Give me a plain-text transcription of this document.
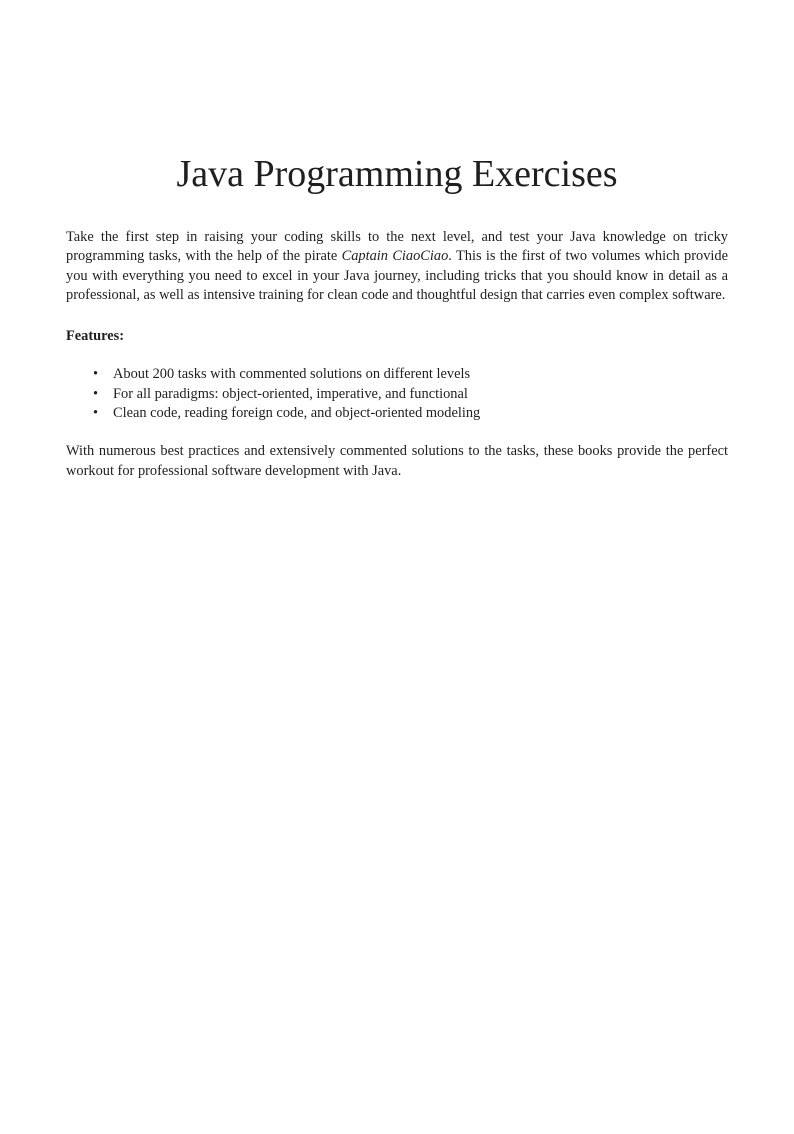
Java Programming Exercises

Take the first step in raising your coding skills to the next level, and test your Java knowledge on tricky programming tasks, with the help of the pirate Captain CiaoCiao. This is the first of two volumes which provide you with everything you need to excel in your Java journey, including tricks that you should know in detail as a professional, as well as intensive training for clean code and thoughtful design that carries even complex software.

Features:

• About 200 tasks with commented solutions on different levels
• For all paradigms: object-oriented, imperative, and functional
• Clean code, reading foreign code, and object-oriented modeling

With numerous best practices and extensively commented solutions to the tasks, these books provide the perfect workout for professional software development with Java.
